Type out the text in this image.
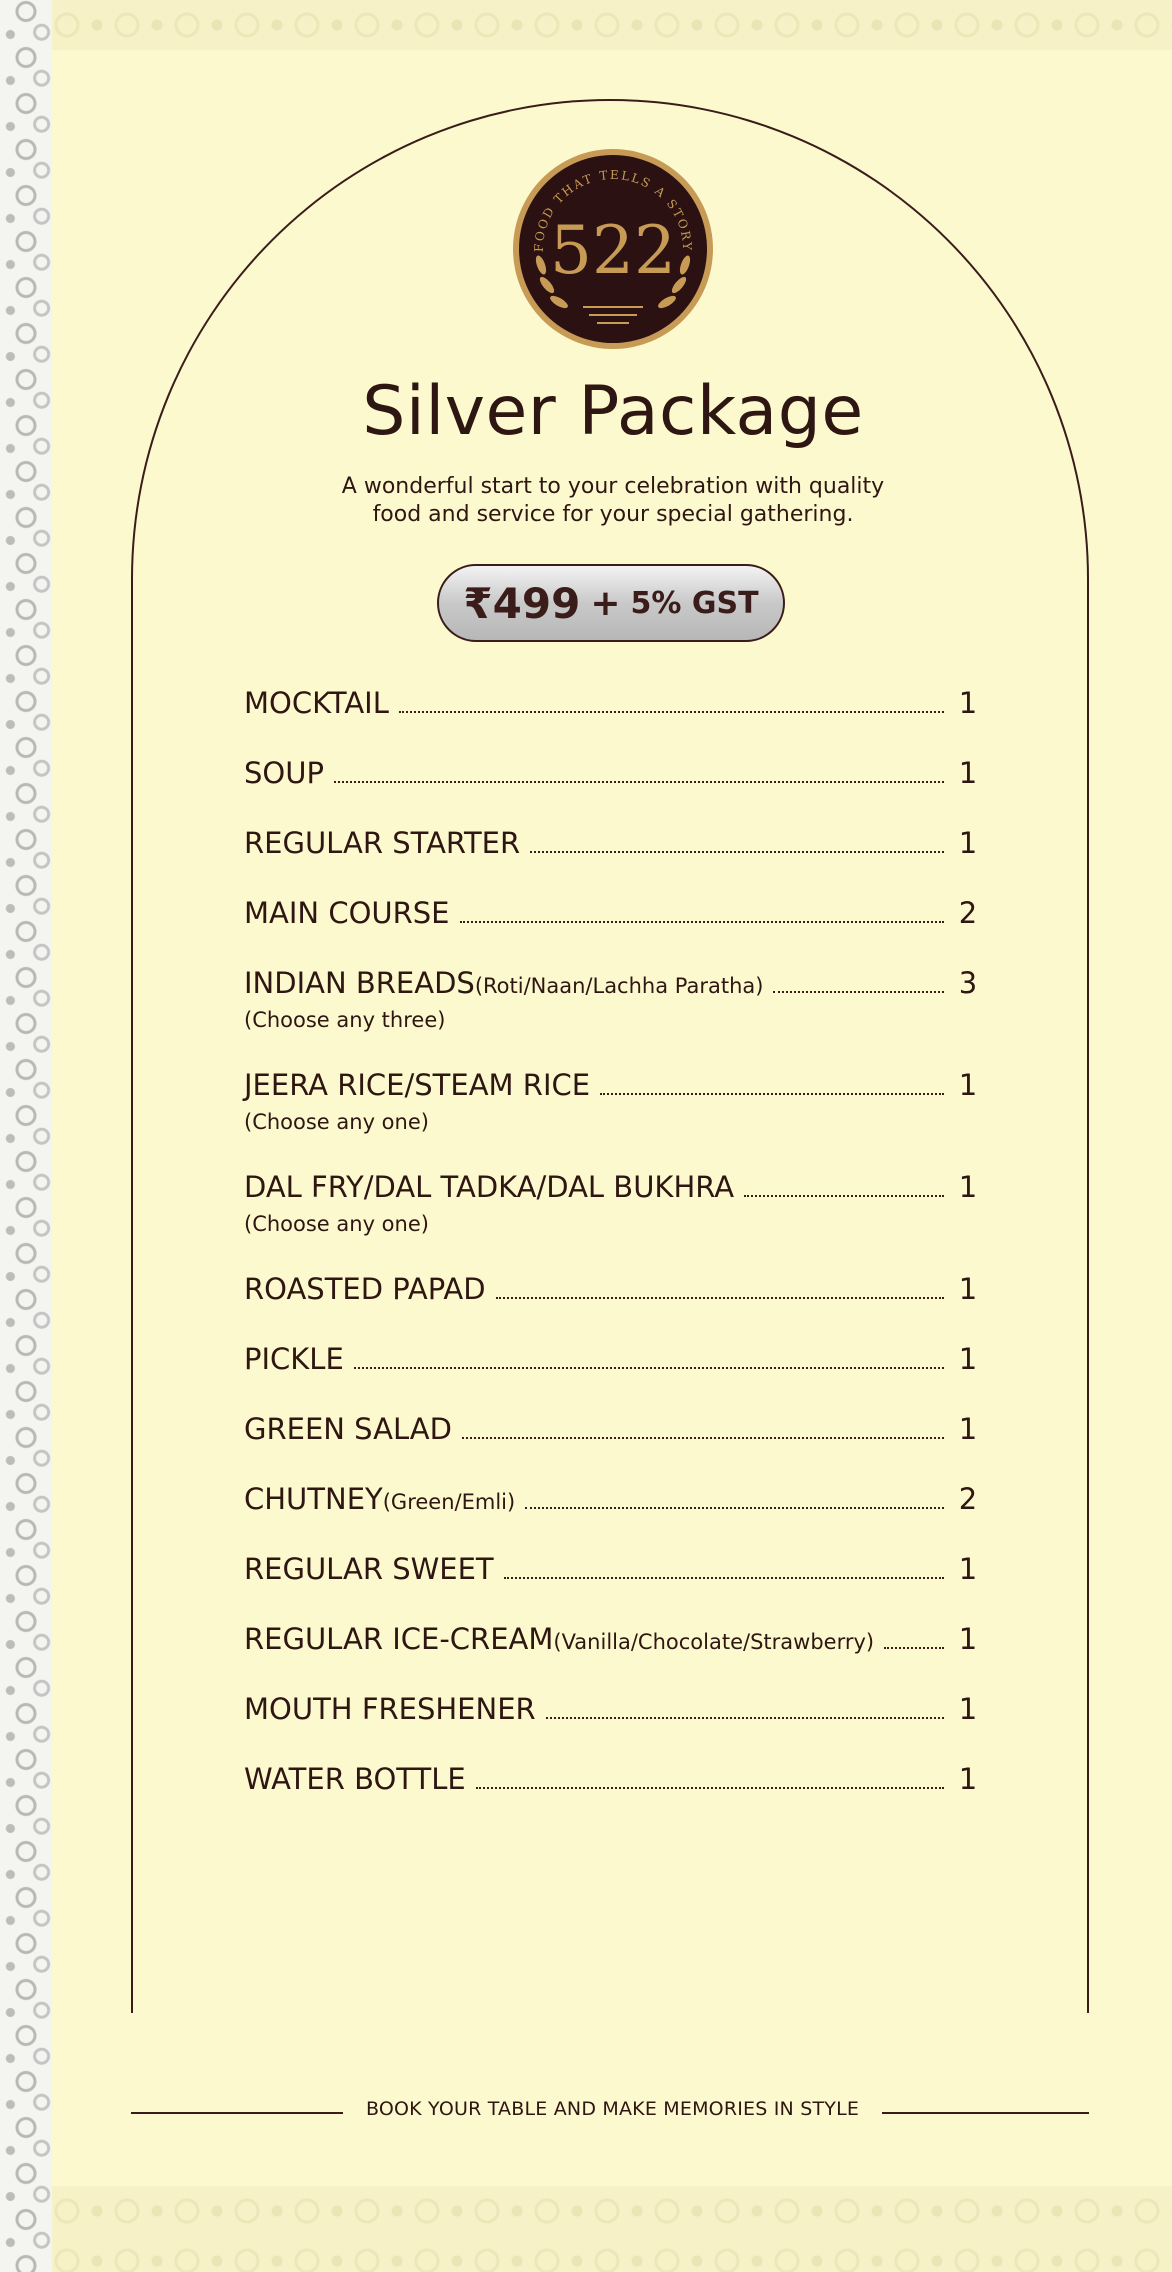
BOOK YOUR TABLE AND MAKE MEMORIES IN STYLE
FOOD THAT TELLS A STORY
522
Silver Package

A wonderful start to your celebration with quality
food and service for your special gathering.

₹499 + 5% GST
MOCKTAIL	1
SOUP	1
REGULAR STARTER	1
MAIN COURSE	2
INDIAN BREADS (Roti/Naan/Lachha Paratha)	3
(Choose any three)
JEERA RICE/STEAM RICE	1
(Choose any one)
DAL FRY/DAL TADKA/DAL BUKHRA	1
(Choose any one)
ROASTED PAPAD	1
PICKLE	1
GREEN SALAD	1
CHUTNEY (Green/Emli)	2
REGULAR SWEET	1
REGULAR ICE-CREAM (Vanilla/Chocolate/Strawberry)	1
MOUTH FRESHENER	1
WATER BOTTLE	1
